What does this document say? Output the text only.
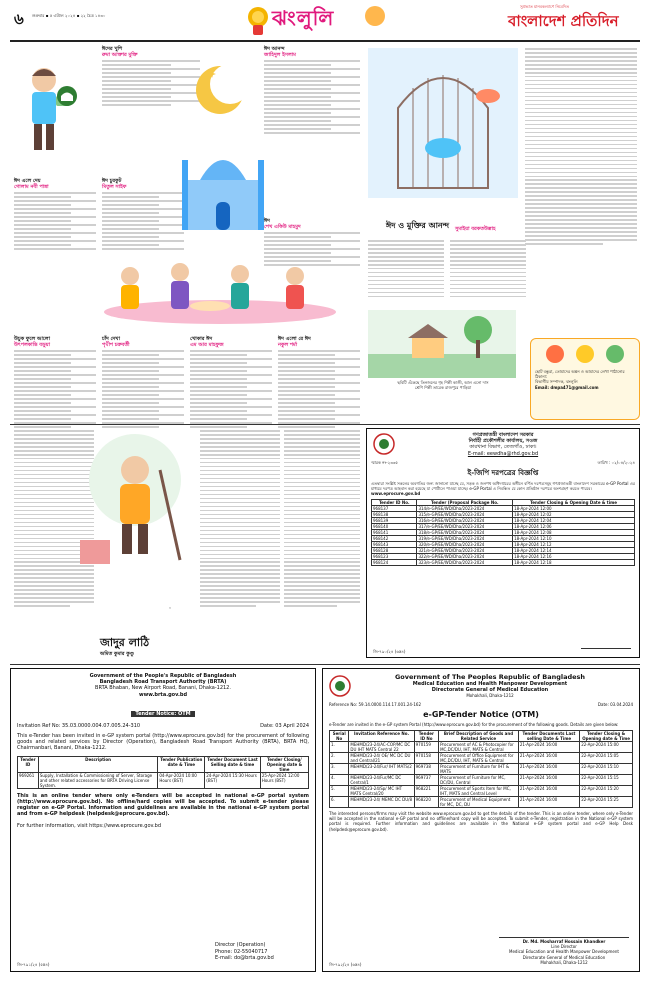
৬ শুক্রবার ▪ ৫ এপ্রিল ২০২৪ ▪ ২২ চৈত্র ১৪৩০	ঝংলুলি	সুপ্রভাত মানবকল্যাণে নিবেদিত
বাংলাদেশ প্রতিদিন
ঈদের খুশি
রুমা আক্তার মুক্তি
ঈদ আনন্দ
জাহিদুল ইসলাম
ঈদ এলে দেয়
গোলাম নবী পান্না
ঈদ চুরকুট
মিতুল সাইফ
ঈদ
শেখ একিউ মাহমুদ
উচুক ফুলে আলো
উৎপলকান্তি বড়ুয়া
চাঁদ দেখা
পৃথ্বীশ চক্রবর্তী
খোকার ঈদ
এম আর মাহফুজ
ঈদ এলো রে ঈদ
নকুল শর্মা
ঈদ ও মুক্তির আনন্দ সুমাইয়া বরকতউল্লাহ
ছবিটি এঁকেছে তিনজনের গৃহ শিল্পী কাজী, আল এনো দাস
শ্রেণি শিল্পী তারেক রাজপুরে পাড়িয়া
ছোট বন্ধুরা, তোমাদের অঙ্কন ও আমাদের লেখা পাঠানোর ঠিকানা:
বিভাগীয় সম্পাদক, ঝংলুলি
Email: dmpa471@gmail.com
জাদুর লাঠি
অমিত কুমার কুণ্ডু
০
গণপ্রজাতন্ত্রী বাংলাদেশ সরকার
নির্বাহী প্রকৌশলীর কার্যালয়, সওজ
কারখানা বিভাগ, তেজগাঁও, ঢাকা।
E-mail: eewdha@rhd.gov.bd
স্মারক নং-২৩৩৫	তারিখ : ০২/০৪/২০২৪
ই-জিপি দরপত্রের বিজ্ঞপ্তি
এতদ্বারা সংশ্লিষ্ট সকলের অবগতির জন্য জানানো যাচ্ছে যে, সড়ক ও জনপথ অধিদপ্তরের অধীনে বর্ণিত দরপত্রসমূহ গণপ্রজাতন্ত্রী বাংলাদেশ সরকারের e-GP Portal এর মাধ্যমে দরপত্র আহবান করা হয়েছে যা পোর্টালে পাওয়া যাচ্ছে। e-GP Portal এ নিবন্ধিত যে কোন প্রতিষ্ঠান দরপত্রে অংশগ্রহণ করতে পারবে।
www.eprocure.gov.bd
Tender ID No.	Tender (Proposal Package No.	Tender Closing & Opening Date & time
968137	314/e-GP/EE/WD/Dha/2023-2024	18-Apr-2024 12:00
968138	315/e-GP/EE/WD/Dha/2023-2024	18-Apr-2024 12:02
968139	316/e-GP/EE/WD/Dha/2023-2024	18-Apr-2024 12:04
968140	317/e-GP/EE/WD/Dha/2023-2024	18-Apr-2024 12:06
968141	318/e-GP/EE/WD/Dha/2023-2024	18-Apr-2024 12:08
968142	319/e-GP/EE/WD/Dha/2023-2024	18-Apr-2024 12:10
968143	320/e-GP/EE/WD/Dha/2023-2024	18-Apr-2024 12:12
968128	321/e-GP/EE/WD/Dha/2023-2024	18-Apr-2024 12:14
968123	322/e-GP/EE/WD/Dha/2023-2024	18-Apr-2024 12:16
968124	323/e-GP/EE/WD/Dha/2023-2024	18-Apr-2024 12:18
জি-৭৯০/২৪ (৬x৪)
Government of the People's Republic of Bangladesh
Bangladesh Road Transport Authority (BRTA)
BRTA Bhaban, New Airport Road, Banani, Dhaka-1212.
www.brta.gov.bd
Tender Notice: OTM
Invitation Ref No: 35.03.0000.004.07.005.24-310	Date: 03 April 2024
This e-Tender has been invited in e-GP system portal (http://www.eprocure.gov.bd) for the procurement of following goods and related services by Director (Operation), Bangladesh Road Transport Authority (BRTA), BRTA HQ, Chairmanbari, Banani, Dhaka-1212.
Tender ID	Description	Tender Publication date & Time	Tender Document Last Selling date & time	Tender Closing/ Opening date & time
969261	Supply, Installation & Commissioning of Server, Storage and other related accessories for BRTA Driving License System.	04-Apr-2024 10:00 Hours (BST)	24-Apr-2024 15:30 Hours (BST)	25-Apr-2024 12:00 Hours (BST)
This is an online tender where only e-Tenders will be accepted in national e-GP portal system (http://www.eprocure.gov.bd). No offline/hard copies will be accepted. To submit e-tender please register on e-GP Portal. Information and guidelines are available in the national e-GP system portal and from e-GP helpdesk (helpdesk@eprocure.gov.bd).
For further information, visit https://www.eprocure.gov.bd
Director (Operation)
Phone: 02-55040717
E-mail: do@brta.gov.bd
জি-৭৯১/২৪ (৫x৪)
Government of The Peoples Republic of Bangladesh
Medical Education and Health Manpower Development
Directorate General of Medical Education
Mohakhali, Dhaka-1212
Reference No: 59.14.0000.114.17.001.24-162	Date: 03.04.2024
e-GP-Tender Notice (OTM)
e-Tender are invited in the e-GP system Portal (http://www.eprocure.gov.bd) for the procurement of the following goods. Details are given below:
Serial No	Invitation Reference No.	Tender ID No	Brief Description of Goods and Related Service	Tender Documents Last selling Date & Time	Tender Closing & Opening date & Time
1.	MEHMD/23-24/AC-COP/MC DC DU IHT MATS Central 22	970159	Procurement of AC & Photocopier for MC,DC/DU, IHT, MATS & Central	21-Apr-2024 16:00	22-Apr-2024 15:00
2.	MEHMD/23-24/ OE/ MC DC DU and Central/21	970158	Procurement of Office Equipment for MC,DC/DU, IHT, MATS & Central	21-Apr-2024 16:00	22-Apr-2024 15:05
3.	MEHMD/23-24/Fur/ IHT MATS/2	969738	Procurement of Furniture for IHT & MATS	21-Apr-2024 16:00	22-Apr-2024 15:10
4.	MEHMD/23-24/Fur/MC DC Central/1	969737	Procurement of Furniture for MC, DC/DU, Central	21-Apr-2024 16:00	22-Apr-2024 15:15
5.	MEHMD/23-24/Sp/ MC IHT MATS Central/20	968221	Procurement of Sports Item for MC, IHT, MATS and Central Level	21-Apr-2024 16:00	22-Apr-2024 15:20
6.	MEHMD/23-24/ MEMC DC DU/8	968220	Procurement of Medical Equipment for MC, DC, DU	21-Apr-2024 16:00	22-Apr-2024 15:25
The interested persons/firms may visit the website www.eprocure.gov.bd to get the details of the tender. This is an online tender, where only e-Tender will be accepted in the national e-GP portal and no offline/hard copy will be accepted. To submit e-Tender, registration in the National e-GP system portal is required. Further information and guidelines are available in the National e-GP system portal and e-GP Help Desk (helpdesk@eprocure.gov.bd).
Dr. Md. Mosharraf Hossain Khandker
Line Director
Medical Education and Health Manpower Development
Directorate General of Medical Education
Mohakhali, Dhaka-1212
জি-৭৯২/২৪ (৬x৪)
